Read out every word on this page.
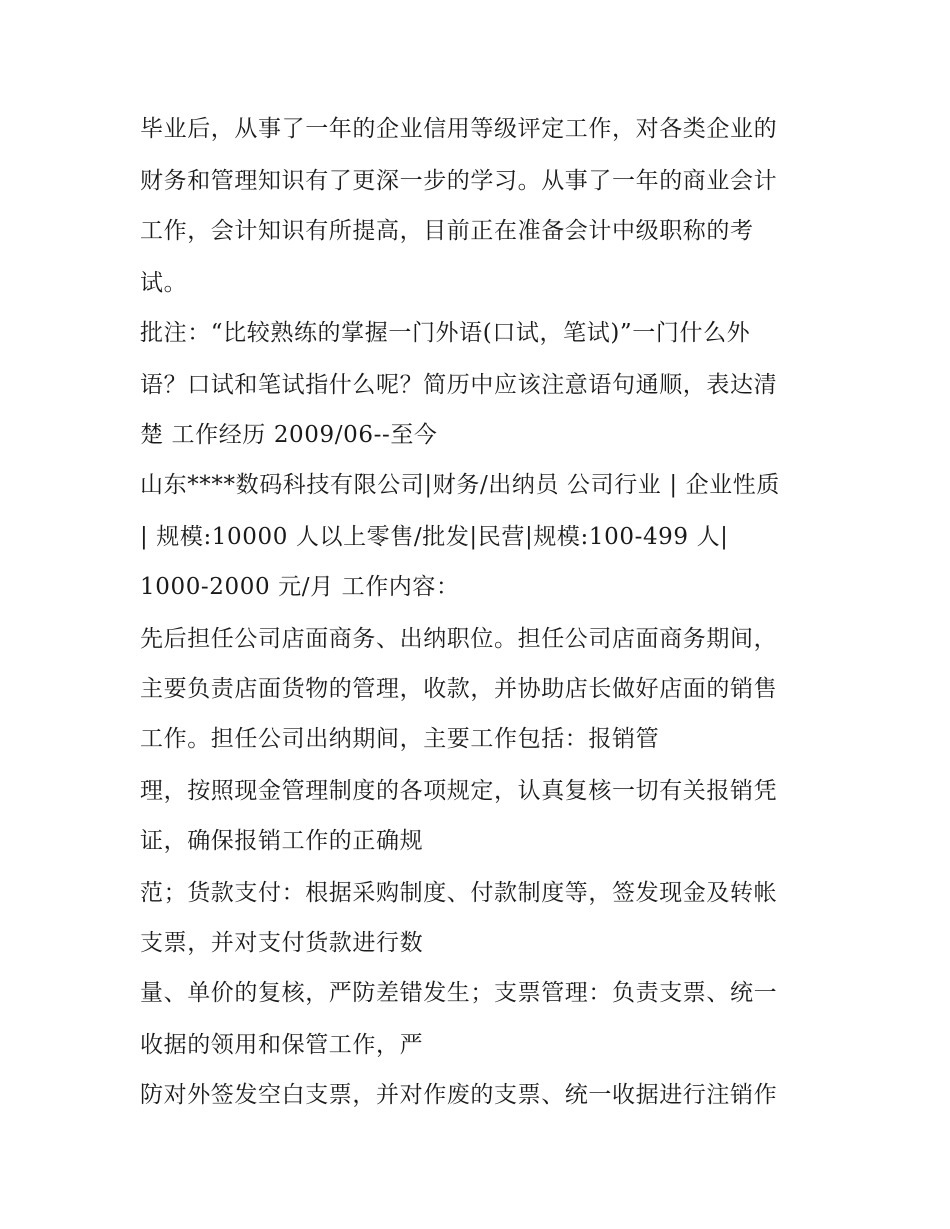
毕业后，从事了一年的企业信用等级评定工作，对各类企业的
财务和管理知识有了更深一步的学习。从事了一年的商业会计
工作，会计知识有所提高，目前正在准备会计中级职称的考
试。
批注：“比较熟练的掌握一门外语(口试，笔试)”一门什么外
语？口试和笔试指什么呢？简历中应该注意语句通顺，表达清
楚 工作经历 2009/06--至今
山东****数码科技有限公司|财务/出纳员 公司行业 | 企业性质
| 规模:10000 人以上零售/批发|民营|规模:100-499 人|
1000-2000 元/月 工作内容：
先后担任公司店面商务、出纳职位。担任公司店面商务期间，
主要负责店面货物的管理，收款，并协助店长做好店面的销售
工作。担任公司出纳期间，主要工作包括：报销管
理，按照现金管理制度的各项规定，认真复核一切有关报销凭
证，确保报销工作的正确规
范；货款支付：根据采购制度、付款制度等，签发现金及转帐
支票，并对支付货款进行数
量、单价的复核，严防差错发生；支票管理：负责支票、统一
收据的领用和保管工作，严
防对外签发空白支票，并对作废的支票、统一收据进行注销作
